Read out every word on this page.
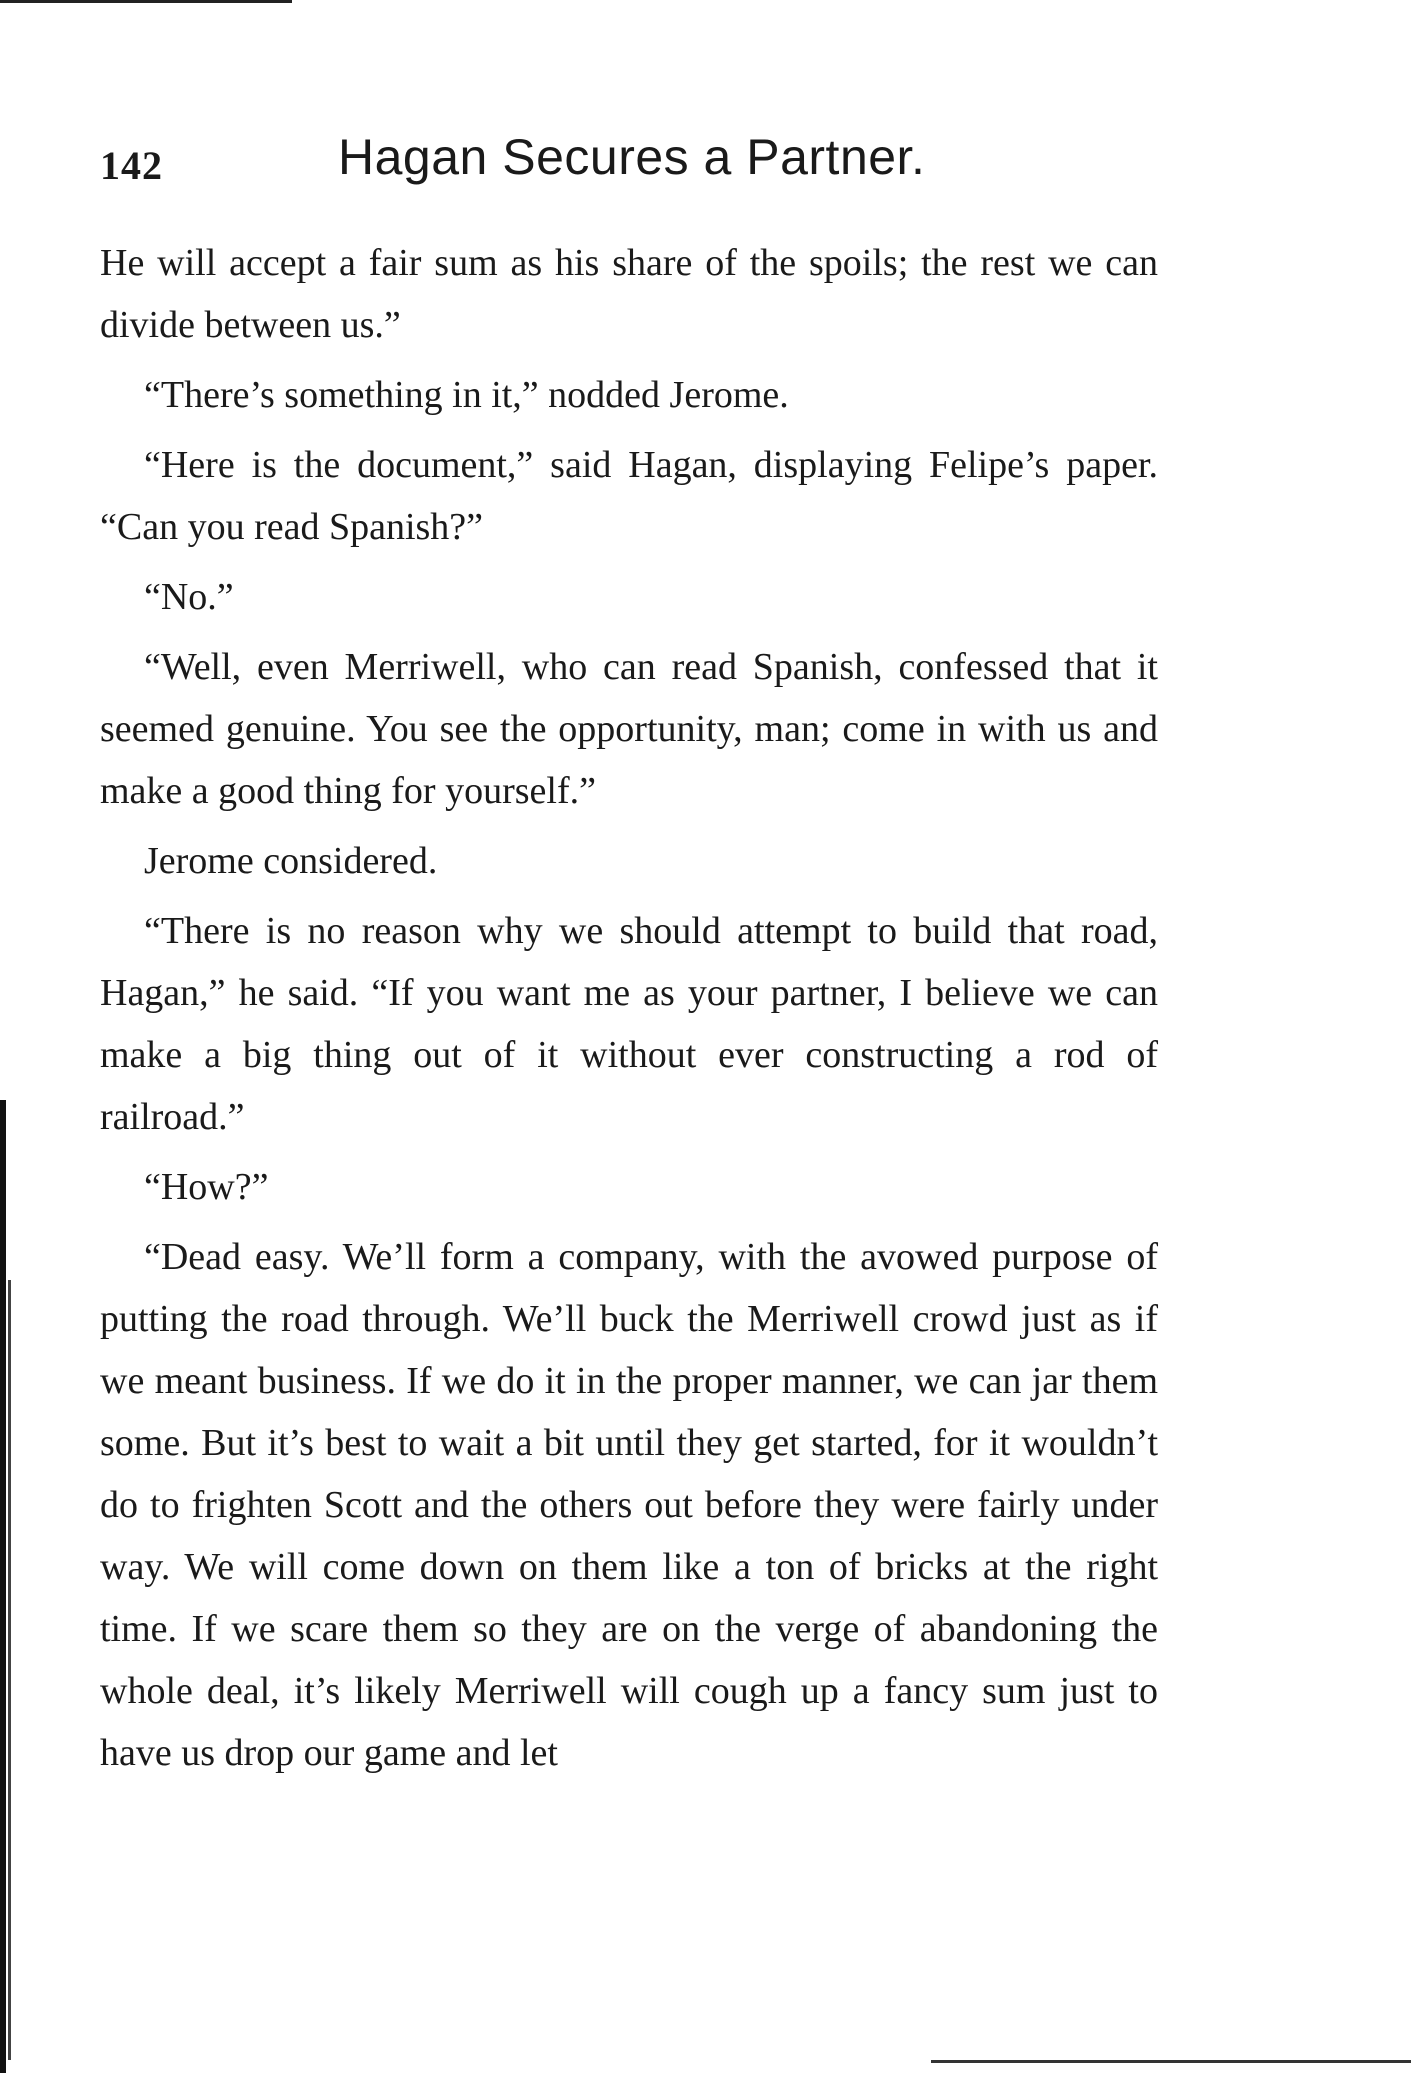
142	Hagan Secures a Partner.

He will accept a fair sum as his share of the spoils; the rest we can divide between us.”

“There’s something in it,” nodded Jerome.

“Here is the document,” said Hagan, displaying Felipe’s paper. “Can you read Spanish?”

“No.”

“Well, even Merriwell, who can read Spanish, confessed that it seemed genuine. You see the opportunity, man; come in with us and make a good thing for yourself.”

Jerome considered.

“There is no reason why we should attempt to build that road, Hagan,” he said. “If you want me as your partner, I believe we can make a big thing out of it without ever constructing a rod of railroad.”

“How?”

“Dead easy. We’ll form a company, with the avowed purpose of putting the road through. We’ll buck the Merriwell crowd just as if we meant business. If we do it in the proper manner, we can jar them some. But it’s best to wait a bit until they get started, for it wouldn’t do to frighten Scott and the others out before they were fairly under way. We will come down on them like a ton of bricks at the right time. If we scare them so they are on the verge of abandoning the whole deal, it’s likely Merriwell will cough up a fancy sum just to have us drop our game and let
